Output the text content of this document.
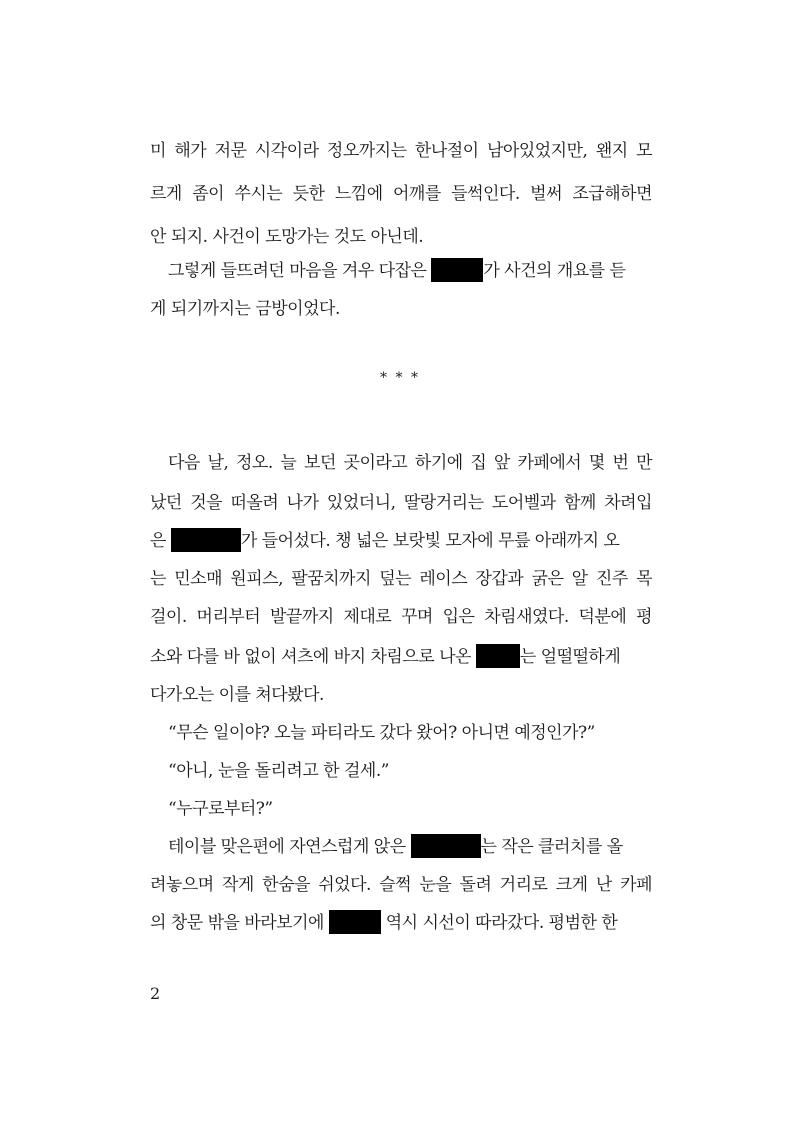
미 해가 저문 시각이라 정오까지는 한나절이 남아있었지만, 왠지 모
르게 좀이 쑤시는 듯한 느낌에 어깨를 들썩인다. 벌써 조급해하면
안 되지. 사건이 도망가는 것도 아닌데.
그렇게 들뜨려던 마음을 겨우 다잡은	가 사건의 개요를 듣
게 되기까지는 금방이었다.
* * *
다음 날, 정오. 늘 보던 곳이라고 하기에 집 앞 카페에서 몇 번 만
났던 것을 떠올려 나가 있었더니, 딸랑거리는 도어벨과 함께 차려입
은	가 들어섰다. 챙 넓은 보랏빛 모자에 무릎 아래까지 오
는 민소매 원피스, 팔꿈치까지 덮는 레이스 장갑과 굵은 알 진주 목
걸이. 머리부터 발끝까지 제대로 꾸며 입은 차림새였다. 덕분에 평
소와 다를 바 없이 셔츠에 바지 차림으로 나온	는 얼떨떨하게
다가오는 이를 쳐다봤다.
“무슨 일이야? 오늘 파티라도 갔다 왔어? 아니면 예정인가?”
“아니, 눈을 돌리려고 한 걸세.”
“누구로부터?”
테이블 맞은편에 자연스럽게 앉은	는 작은 클러치를 올
려놓으며 작게 한숨을 쉬었다. 슬쩍 눈을 돌려 거리로 크게 난 카페
의 창문 밖을 바라보기에	역시 시선이 따라갔다. 평범한 한
2
